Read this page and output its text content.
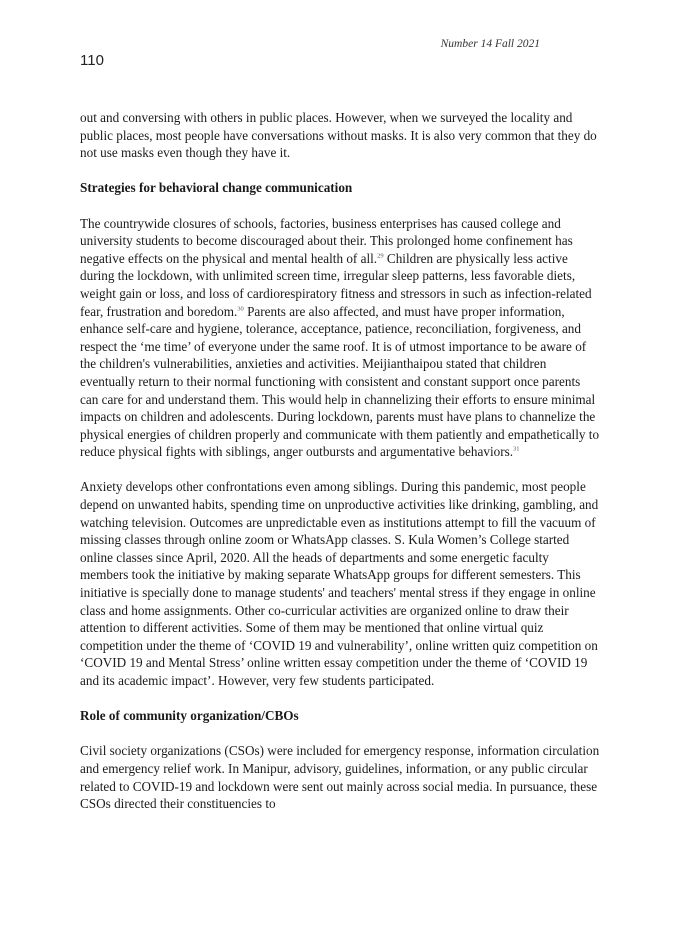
Number 14 Fall 2021
110

out and conversing with others in public places. However, when we surveyed the locality and public places, most people have conversations without masks. It is also very common that they do not use masks even though they have it.

Strategies for behavioral change communication

The countrywide closures of schools, factories, business enterprises has caused college and university students to become discouraged about their. This prolonged home confinement has negative effects on the physical and mental health of all.$^{29}$ Children are physically less active during the lockdown, with unlimited screen time, irregular sleep patterns, less favorable diets, weight gain or loss, and loss of cardiorespiratory fitness and stressors in such as infection-related fear, frustration and boredom.$^{30}$ Parents are also affected, and must have proper information, enhance self-care and hygiene, tolerance, acceptance, patience, reconciliation, forgiveness, and respect the ‘me time’ of everyone under the same roof. It is of utmost importance to be aware of the children's vulnerabilities, anxieties and activities. Meijianthaipou stated that children eventually return to their normal functioning with consistent and constant support once parents can care for and understand them. This would help in channelizing their efforts to ensure minimal impacts on children and adolescents. During lockdown, parents must have plans to channelize the physical energies of children properly and communicate with them patiently and empathetically to reduce physical fights with siblings, anger outbursts and argumentative behaviors.$^{31}$

Anxiety develops other confrontations even among siblings. During this pandemic, most people depend on unwanted habits, spending time on unproductive activities like drinking, gambling, and watching television. Outcomes are unpredictable even as institutions attempt to fill the vacuum of missing classes through online zoom or WhatsApp classes. S. Kula Women’s College started online classes since April, 2020. All the heads of departments and some energetic faculty members took the initiative by making separate WhatsApp groups for different semesters. This initiative is specially done to manage students' and teachers' mental stress if they engage in online class and home assignments. Other co-curricular activities are organized online to draw their attention to different activities. Some of them may be mentioned that online virtual quiz competition under the theme of ‘COVID 19 and vulnerability’, online written quiz competition on ‘COVID 19 and Mental Stress’ online written essay competition under the theme of ‘COVID 19 and its academic impact’. However, very few students participated.

Role of community organization/CBOs

Civil society organizations (CSOs) were included for emergency response, information circulation and emergency relief work. In Manipur, advisory, guidelines, information, or any public circular related to COVID-19 and lockdown were sent out mainly across social media. In pursuance, these CSOs directed their constituencies to
